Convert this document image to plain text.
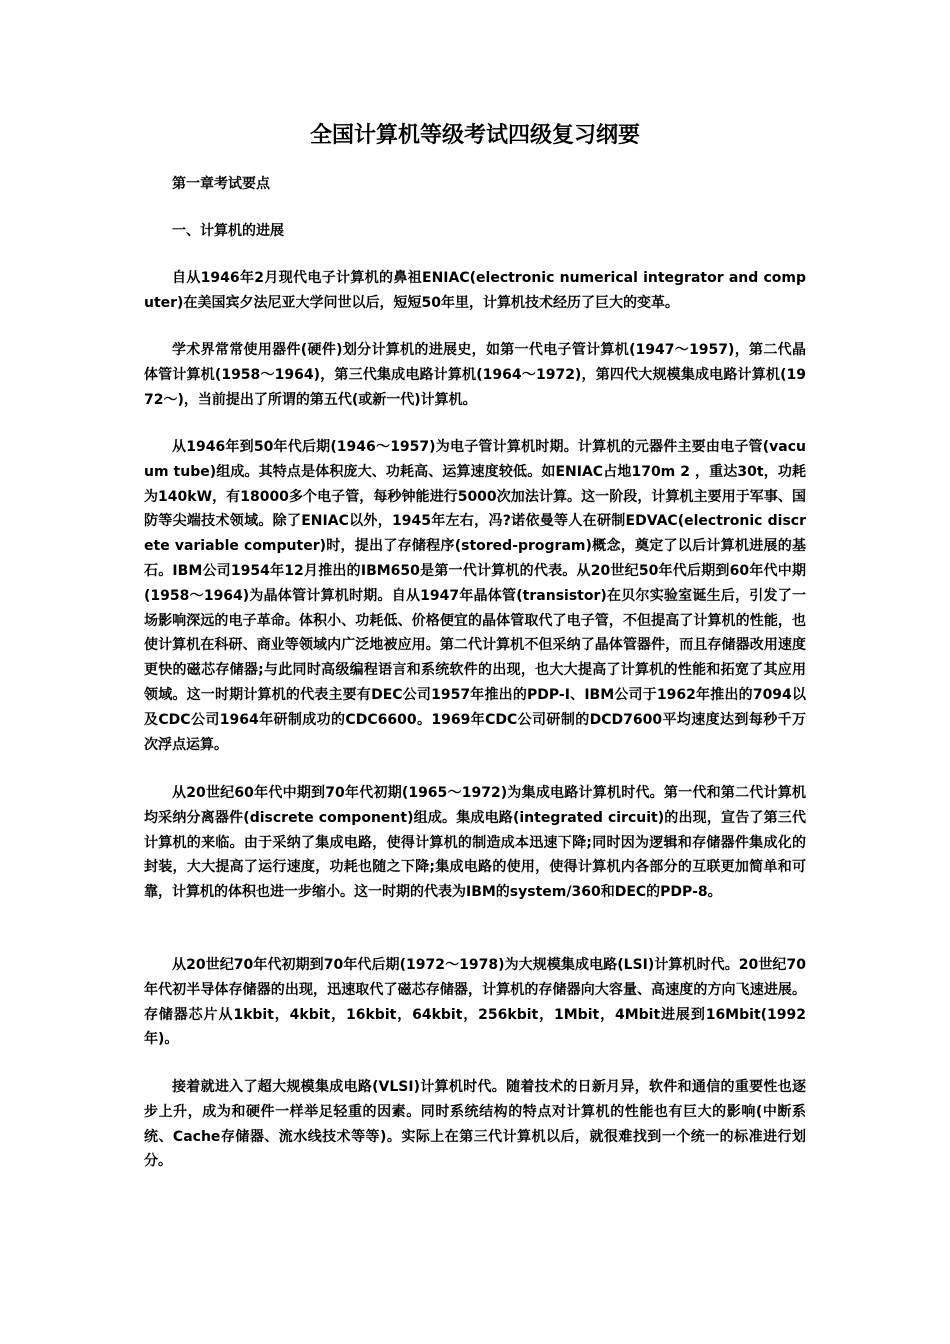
全国计算机等级考试四级复习纲要

第一章考试要点

一、计算机的进展

自从1946年2月现代电子计算机的鼻祖ENIAC(electronic numerical integrator and computer)在美国宾夕法尼亚大学问世以后，短短50年里，计算机技术经历了巨大的变革。

学术界常常使用器件(硬件)划分计算机的进展史，如第一代电子管计算机(1947～1957)，第二代晶体管计算机(1958～1964)，第三代集成电路计算机(1964～1972)，第四代大规模集成电路计算机(1972～)，当前提出了所谓的第五代(或新一代)计算机。

从1946年到50年代后期(1946～1957)为电子管计算机时期。计算机的元器件主要由电子管(vacuum tube)组成。其特点是体积庞大、功耗高、运算速度较低。如ENIAC占地170m 2 ，重达30t，功耗为140kW，有18000多个电子管，每秒钟能进行5000次加法计算。这一阶段，计算机主要用于军事、国防等尖端技术领域。除了ENIAC以外，1945年左右，冯?诺依曼等人在研制EDVAC(electronic discrete variable computer)时，提出了存储程序(stored-program)概念，奠定了以后计算机进展的基石。IBM公司1954年12月推出的IBM650是第一代计算机的代表。从20世纪50年代后期到60年代中期(1958～1964)为晶体管计算机时期。自从1947年晶体管(transistor)在贝尔实验室诞生后，引发了一场影响深远的电子革命。体积小、功耗低、价格便宜的晶体管取代了电子管，不但提高了计算机的性能，也使计算机在科研、商业等领域内广泛地被应用。第二代计算机不但采纳了晶体管器件，而且存储器改用速度更快的磁芯存储器;与此同时高级编程语言和系统软件的出现，也大大提高了计算机的性能和拓宽了其应用领域。这一时期计算机的代表主要有DEC公司1957年推出的PDP-I、IBM公司于1962年推出的7094以及CDC公司1964年研制成功的CDC6600。1969年CDC公司研制的DCD7600平均速度达到每秒千万次浮点运算。

从20世纪60年代中期到70年代初期(1965～1972)为集成电路计算机时代。第一代和第二代计算机均采纳分离器件(discrete component)组成。集成电路(integrated circuit)的出现，宣告了第三代计算机的来临。由于采纳了集成电路，使得计算机的制造成本迅速下降;同时因为逻辑和存储器件集成化的封装，大大提高了运行速度，功耗也随之下降;集成电路的使用，使得计算机内各部分的互联更加简单和可靠，计算机的体积也进一步缩小。这一时期的代表为IBM的system/360和DEC的PDP-8。

从20世纪70年代初期到70年代后期(1972～1978)为大规模集成电路(LSI)计算机时代。20世纪70年代初半导体存储器的出现，迅速取代了磁芯存储器，计算机的存储器向大容量、高速度的方向飞速进展。存储器芯片从1kbit，4kbit，16kbit，64kbit，256kbit，1Mbit，4Mbit进展到16Mbit(1992年)。

接着就进入了超大规模集成电路(VLSI)计算机时代。随着技术的日新月异，软件和通信的重要性也逐步上升，成为和硬件一样举足轻重的因素。同时系统结构的特点对计算机的性能也有巨大的影响(中断系统、Cache存储器、流水线技术等等)。实际上在第三代计算机以后，就很难找到一个统一的标准进行划分。
